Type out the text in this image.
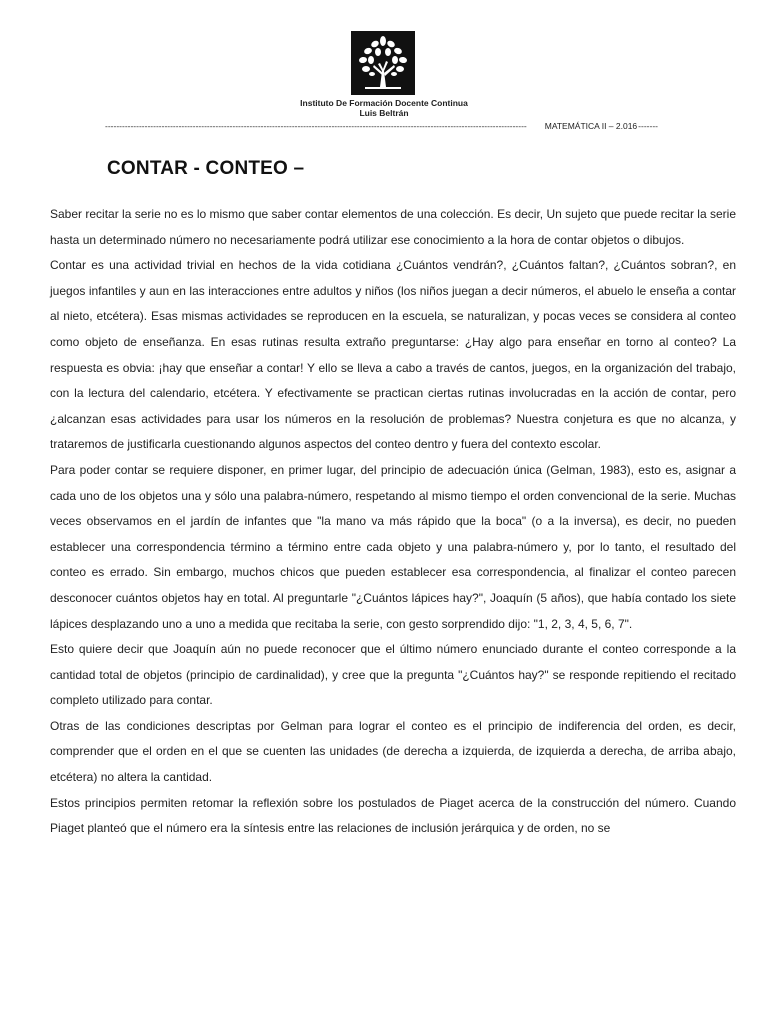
Instituto De Formación Docente Continua
Luis Beltrán
-----------------------------------------------------------------------------------------------------------------------------------------------------	MATEMÁTICA II – 2.016 -------
CONTAR - CONTEO –

Saber recitar la serie no es lo mismo que saber contar elementos de una colección. Es decir, Un sujeto que puede recitar la serie hasta un determinado número no necesariamente podrá utilizar ese conocimiento a la hora de contar objetos o dibujos.

Contar es una actividad trivial en hechos de la vida cotidiana ¿Cuántos vendrán?, ¿Cuántos faltan?, ¿Cuántos sobran?, en juegos infantiles y aun en las interacciones entre adultos y niños (los niños juegan a decir números, el abuelo le enseña a contar al nieto, etcétera). Esas mismas actividades se reproducen en la escuela, se naturalizan, y pocas veces se considera al conteo como objeto de enseñanza. En esas rutinas resulta extraño preguntarse: ¿Hay algo para enseñar en torno al conteo? La respuesta es obvia: ¡hay que enseñar a contar! Y ello se lleva a cabo a través de cantos, juegos, en la organización del trabajo, con la lectura del calendario, etcétera. Y efectivamente se practican ciertas rutinas involucradas en la acción de contar, pero ¿alcanzan esas actividades para usar los números en la resolución de problemas? Nuestra conjetura es que no alcanza, y trataremos de justificarla cuestionando algunos aspectos del conteo dentro y fuera del contexto escolar.

Para poder contar se requiere disponer, en primer lugar, del principio de adecuación única (Gelman, 1983), esto es, asignar a cada uno de los objetos una y sólo una palabra-número, respetando al mismo tiempo el orden convencional de la serie. Muchas veces observamos en el jardín de infantes que "la mano va más rápido que la boca" (o a la inversa), es decir, no pueden establecer una correspondencia término a término entre cada objeto y una palabra-número y, por lo tanto, el resultado del conteo es errado. Sin embargo, muchos chicos que pueden establecer esa correspondencia, al finalizar el conteo parecen desconocer cuántos objetos hay en total. Al preguntarle "¿Cuántos lápices hay?", Joaquín (5 años), que había contado los siete lápices desplazando uno a uno a medida que recitaba la serie, con gesto sorprendido dijo: "1, 2, 3, 4, 5, 6, 7".

Esto quiere decir que Joaquín aún no puede reconocer que el último número enunciado durante el conteo corresponde a la cantidad total de objetos (principio de cardinalidad), y cree que la pregunta "¿Cuántos hay?" se responde repitiendo el recitado completo utilizado para contar.

Otras de las condiciones descriptas por Gelman para lograr el conteo es el principio de indiferencia del orden, es decir, comprender que el orden en el que se cuenten las unidades (de derecha a izquierda, de izquierda a derecha, de arriba abajo, etcétera) no altera la cantidad.

Estos principios permiten retomar la reflexión sobre los postulados de Piaget acerca de la construcción del número. Cuando Piaget planteó que el número era la síntesis entre las relaciones de inclusión jerárquica y de orden, no se
